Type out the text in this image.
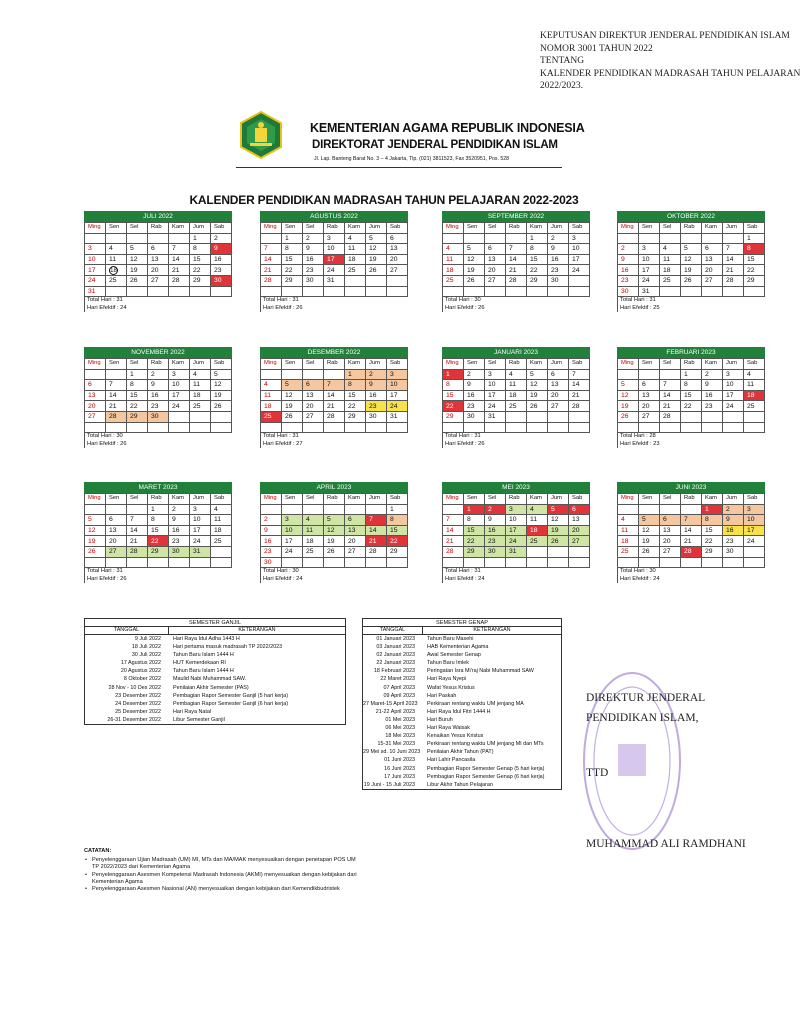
KEPUTUSAN DIREKTUR JENDERAL PENDIDIKAN ISLAM
NOMOR 3001 TAHUN 2022
TENTANG
KALENDER PENDIDIKAN MADRASAH TAHUN PELAJARAN
2022/2023.
KEMENTERIAN AGAMA REPUBLIK INDONESIA
DIREKTORAT JENDERAL PENDIDIKAN ISLAM
Jl. Lap. Banteng Barat No. 3 – 4 Jakarta, Tlp. (021) 3811523, Fax 3520951, Pos. 528
KALENDER PENDIDIKAN MADRASAH TAHUN PELAJARAN 2022-2023
JULI 2022
Ming	Sen	Sel	Rab	Kam	Jum	Sab
					1	2
3	4	5	6	7	8	9
10	11	12	13	14	15	16
17	18	19	20	21	22	23
24	25	26	27	28	29	30
31						
Total Hari : 31
Hari Efektif : 24
AGUSTUS 2022
Ming	Sen	Sel	Rab	Kam	Jum	Sab
	1	2	3	4	5	6
7	8	9	10	11	12	13
14	15	16	17	18	19	20
21	22	23	24	25	26	27
28	29	30	31			

Total Hari : 31
Hari Efektif : 26
SEPTEMBER 2022
Ming	Sen	Sel	Rab	Kam	Jum	Sab
				1	2	3
4	5	6	7	8	9	10
11	12	13	14	15	16	17
18	19	20	21	22	23	24
25	26	27	28	29	30	

Total Hari : 30
Hari Efektif : 26
OKTOBER 2022
Ming	Sen	Sel	Rab	Kam	Jum	Sab
						1
2	3	4	5	6	7	8
9	10	11	12	13	14	15
16	17	18	19	20	21	22
23	24	25	26	27	28	29
30	31					
Total Hari : 31
Hari Efektif : 25
NOVEMBER 2022
Ming	Sen	Sel	Rab	Kam	Jum	Sab
		1	2	3	4	5
6	7	8	9	10	11	12
13	14	15	16	17	18	19
20	21	22	23	24	25	26
27	28	29	30			

Total Hari : 30
Hari Efektif : 26
DESEMBER 2022
Ming	Sen	Sel	Rab	Kam	Jum	Sab
				1	2	3
4	5	6	7	8	9	10
11	12	13	14	15	16	17
18	19	20	21	22	23	24
25	26	27	28	29	30	31

Total Hari : 31
Hari Efektif : 27
JANUARI 2023
Ming	Sen	Sel	Rab	Kam	Jum	Sab
1	2	3	4	5	6	7
8	9	10	11	12	13	14
15	16	17	18	19	20	21
22	23	24	25	26	27	28
29	30	31				

Total Hari : 31
Hari Efektif : 26
FEBRUARI 2023
Ming	Sen	Sel	Rab	Kam	Jum	Sab
			1	2	3	4
5	6	7	8	9	10	11
12	13	14	15	16	17	18
19	20	21	22	23	24	25
26	27	28				

Total Hari : 28
Hari Efektif : 23
MARET 2023
Ming	Sen	Sel	Rab	Kam	Jum	Sab
			1	2	3	4
5	6	7	8	9	10	11
12	13	14	15	16	17	18
19	20	21	22	23	24	25
26	27	28	29	30	31	

Total Hari : 31
Hari Efektif : 26
APRIL 2023
Ming	Sen	Sel	Rab	Kam	Jum	Sab
						1
2	3	4	5	6	7	8
9	10	11	12	13	14	15
16	17	18	19	20	21	22
23	24	25	26	27	28	29
30						
Total Hari : 30
Hari Efektif : 24
MEI 2023
Ming	Sen	Sel	Rab	Kam	Jum	Sab
	1	2	3	4	5	6
7	8	9	10	11	12	13
14	15	16	17	18	19	20
21	22	23	24	25	26	27
28	29	30	31			

Total Hari : 31
Hari Efektif : 24
JUNI 2023
Ming	Sen	Sel	Rab	Kam	Jum	Sab
				1	2	3
4	5	6	7	8	9	10
11	12	13	14	15	16	17
18	19	20	21	22	23	24
25	26	27	28	29	30	

Total Hari : 30
Hari Efektif : 24
SEMESTER GANJIL
TANGGAL	KETERANGAN
9 Juli 2022	Hari Raya Idul Adha 1443 H
18 Juli 2022	Hari pertama masuk madrasah TP 2022/2023
30 Juli 2022	Tahun Baru Islam 1444 H
17 Agustus 2022	HUT Kemerdekaan RI
20 Agustus 2022	Tahun Baru Islam 1444 H
8 Oktober 2022	Maulid Nabi Muhammad SAW.
28 Nov - 10 Des 2022	Penilaian Akhir Semester (PAS)
23 Desember 2022	Pembagian Rapor Semester Ganjil (5 hari kerja)
24 Desember 2022	Pembagian Rapor Semester Ganjil (6 hari kerja)
25 Desember 2022	Hari Raya Natal
26-31 Desember 2022	Libur Semester Ganjil
SEMESTER GENAP
TANGGAL	KETERANGAN
01 Januari 2023	Tahun Baru Masehi
03 Januari 2023	HAB Kementerian Agama
02 Januari 2023	Awal Semester Genap
22 Januari 2023	Tahun Baru Imlek
18 Februari 2023	Peringatan Isra Mi'raj Nabi Muhammad SAW
22 Maret 2023	Hari Raya Nyepi
07 April 2023	Wafat Yesus Kristus
09 April 2023	Hari Paskah
27 Maret-15 April 2023	Perkiraan rentang waktu UM jenjang MA
21-22 April 2023	Hari Raya Idul Fitri 1444 H
01 Mei 2023	Hari Buruh
06 Mei 2023	Hari Raya Waisak
18 Mei 2023	Kenaikan Yesus Kristus
15-31 Mei 2023	Perkiraan rentang waktu UM jenjang MI dan MTs
29 Mei sd. 10 Juni 2023	Penilaian Akhir Tahun (PAT)
01 Juni 2023	Hari Lahir Pancasila
16 Juni 2023	Pembagian Rapor Semester Genap (5 hari kerja)
17 Juni 2023	Pembagian Rapor Semester Genap (6 hari kerja)
19 Juni - 15 Juli 2023	Libur Akhir Tahun Pelajaran
DIREKTUR JENDERAL
PENDIDIKAN ISLAM,
TTD
MUHAMMAD ALI RAMDHANI
CATATAN:
• Penyelenggaraan Ujian Madrasah (UM) MI, MTs dan MA/MAK menyesuaikan dengan penetapan POS UM TP 2022/2023 dari Kementerian Agama
• Penyelenggaraan Asesmen Kompetensi Madrasah Indonesia (AKMI) menyesuaikan dengan kebijakan dari Kementerian Agama
• Penyelenggaraan Asesmen Nasional (AN) menyesuaikan dengan kebijakan dari Kemendikbudristek
